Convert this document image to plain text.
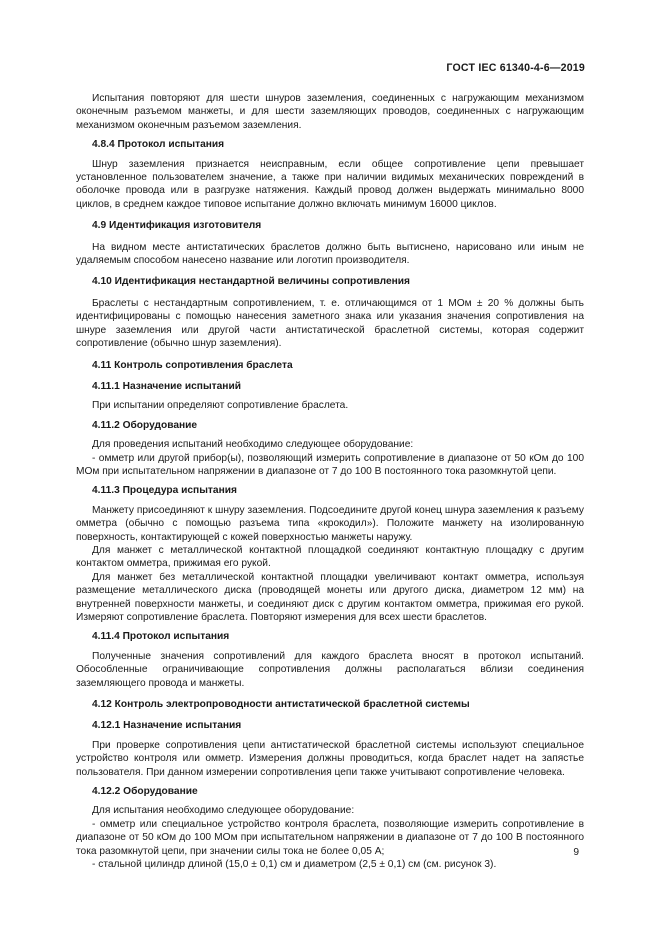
ГОСТ IEC 61340-4-6—2019

Испытания повторяют для шести шнуров заземления, соединенных с нагружающим механизмом оконечным разъемом манжеты, и для шести заземляющих проводов, соединенных с нагружающим механизмом оконечным разъемом заземления.

4.8.4 Протокол испытания

Шнур заземления признается неисправным, если общее сопротивление цепи превышает установленное пользователем значение, а также при наличии видимых механических повреждений в оболочке провода или в разгрузке натяжения. Каждый провод должен выдержать минимально 8000 циклов, в среднем каждое типовое испытание должно включать минимум 16000 циклов.

4.9 Идентификация изготовителя

На видном месте антистатических браслетов должно быть вытиснено, нарисовано или иным не удаляемым способом нанесено название или логотип производителя.

4.10 Идентификация нестандартной величины сопротивления

Браслеты с нестандартным сопротивлением, т. е. отличающимся от 1 МОм ± 20 % должны быть идентифицированы с помощью нанесения заметного знака или указания значения сопротивления на шнуре заземления или другой части антистатической браслетной системы, которая содержит сопротивление (обычно шнур заземления).

4.11 Контроль сопротивления браслета

4.11.1 Назначение испытаний

При испытании определяют сопротивление браслета.

4.11.2 Оборудование

Для проведения испытаний необходимо следующее оборудование:

- омметр или другой прибор(ы), позволяющий измерить сопротивление в диапазоне от 50 кОм до 100 МОм при испытательном напряжении в диапазоне от 7 до 100 В постоянного тока разомкнутой цепи.

4.11.3 Процедура испытания

Манжету присоединяют к шнуру заземления. Подсоедините другой конец шнура заземления к разъему омметра (обычно с помощью разъема типа «крокодил»). Положите манжету на изолированную поверхность, контактирующей с кожей поверхностью манжеты наружу.

Для манжет с металлической контактной площадкой соединяют контактную площадку с другим контактом омметра, прижимая его рукой.

Для манжет без металлической контактной площадки увеличивают контакт омметра, используя размещение металлического диска (проводящей монеты или другого диска, диаметром 12 мм) на внутренней поверхности манжеты, и соединяют диск с другим контактом омметра, прижимая его рукой. Измеряют сопротивление браслета. Повторяют измерения для всех шести браслетов.

4.11.4 Протокол испытания

Полученные значения сопротивлений для каждого браслета вносят в протокол испытаний. Обособленные ограничивающие сопротивления должны располагаться вблизи соединения заземляющего провода и манжеты.

4.12 Контроль электропроводности антистатической браслетной системы

4.12.1 Назначение испытания

При проверке сопротивления цепи антистатической браслетной системы используют специальное устройство контроля или омметр. Измерения должны проводиться, когда браслет надет на запястье пользователя. При данном измерении сопротивления цепи также учитывают сопротивление человека.

4.12.2 Оборудование

Для испытания необходимо следующее оборудование:

- омметр или специальное устройство контроля браслета, позволяющие измерить сопротивление в диапазоне от 50 кОм до 100 МОм при испытательном напряжении в диапазоне от 7 до 100 В постоянного тока разомкнутой цепи, при значении силы тока не более 0,05 А;

- стальной цилиндр длиной (15,0 ± 0,1) см и диаметром (2,5 ± 0,1) см (см. рисунок 3).

9
